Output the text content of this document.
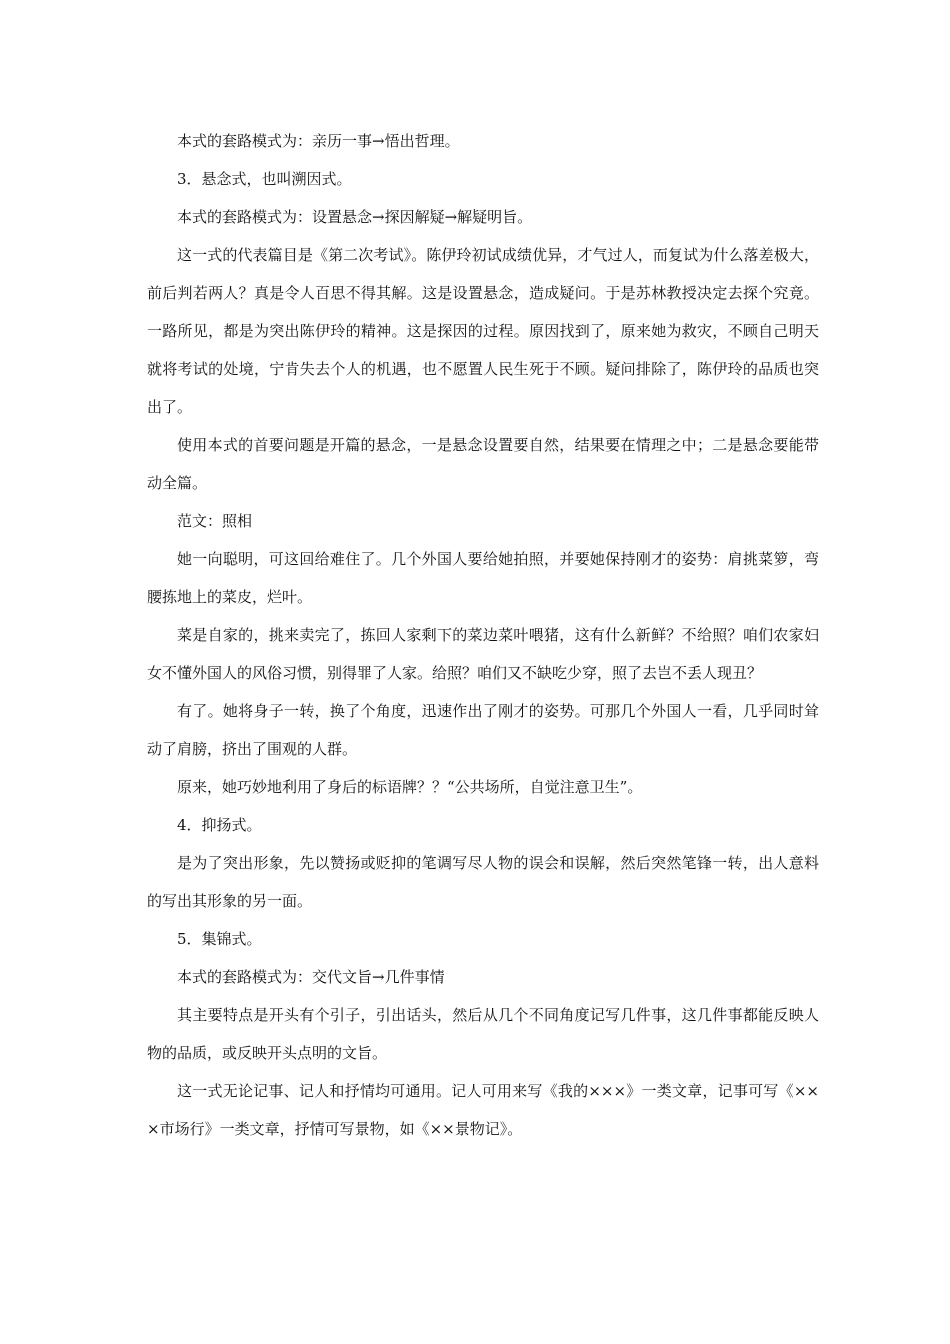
本式的套路模式为：亲历一事→悟出哲理。

3．悬念式，也叫溯因式。

本式的套路模式为：设置悬念→探因解疑→解疑明旨。

这一式的代表篇目是《第二次考试》。陈伊玲初试成绩优异，才气过人，而复试为什么落差极大，前后判若两人？真是令人百思不得其解。这是设置悬念，造成疑问。于是苏林教授决定去探个究竟。一路所见，都是为突出陈伊玲的精神。这是探因的过程。原因找到了，原来她为救灾，不顾自己明天就将考试的处境，宁肯失去个人的机遇，也不愿置人民生死于不顾。疑问排除了，陈伊玲的品质也突出了。

使用本式的首要问题是开篇的悬念，一是悬念设置要自然，结果要在情理之中；二是悬念要能带动全篇。

范文：照相

她一向聪明，可这回给难住了。几个外国人要给她拍照，并要她保持刚才的姿势：肩挑菜箩，弯腰拣地上的菜皮，烂叶。

菜是自家的，挑来卖完了，拣回人家剩下的菜边菜叶喂猪，这有什么新鲜？不给照？咱们农家妇女不懂外国人的风俗习惯，别得罪了人家。给照？咱们又不缺吃少穿，照了去岂不丢人现丑？

有了。她将身子一转，换了个角度，迅速作出了刚才的姿势。可那几个外国人一看，几乎同时耸动了肩膀，挤出了围观的人群。

原来，她巧妙地利用了身后的标语牌？？“公共场所，自觉注意卫生”。

4．抑扬式。

是为了突出形象，先以赞扬或贬抑的笔调写尽人物的误会和误解，然后突然笔锋一转，出人意料的写出其形象的另一面。

5．集锦式。

本式的套路模式为：交代文旨→几件事情

其主要特点是开头有个引子，引出话头，然后从几个不同角度记写几件事，这几件事都能反映人物的品质，或反映开头点明的文旨。

这一式无论记事、记人和抒情均可通用。记人可用来写《我的×××》一类文章，记事可写《×××市场行》一类文章，抒情可写景物，如《××景物记》。
